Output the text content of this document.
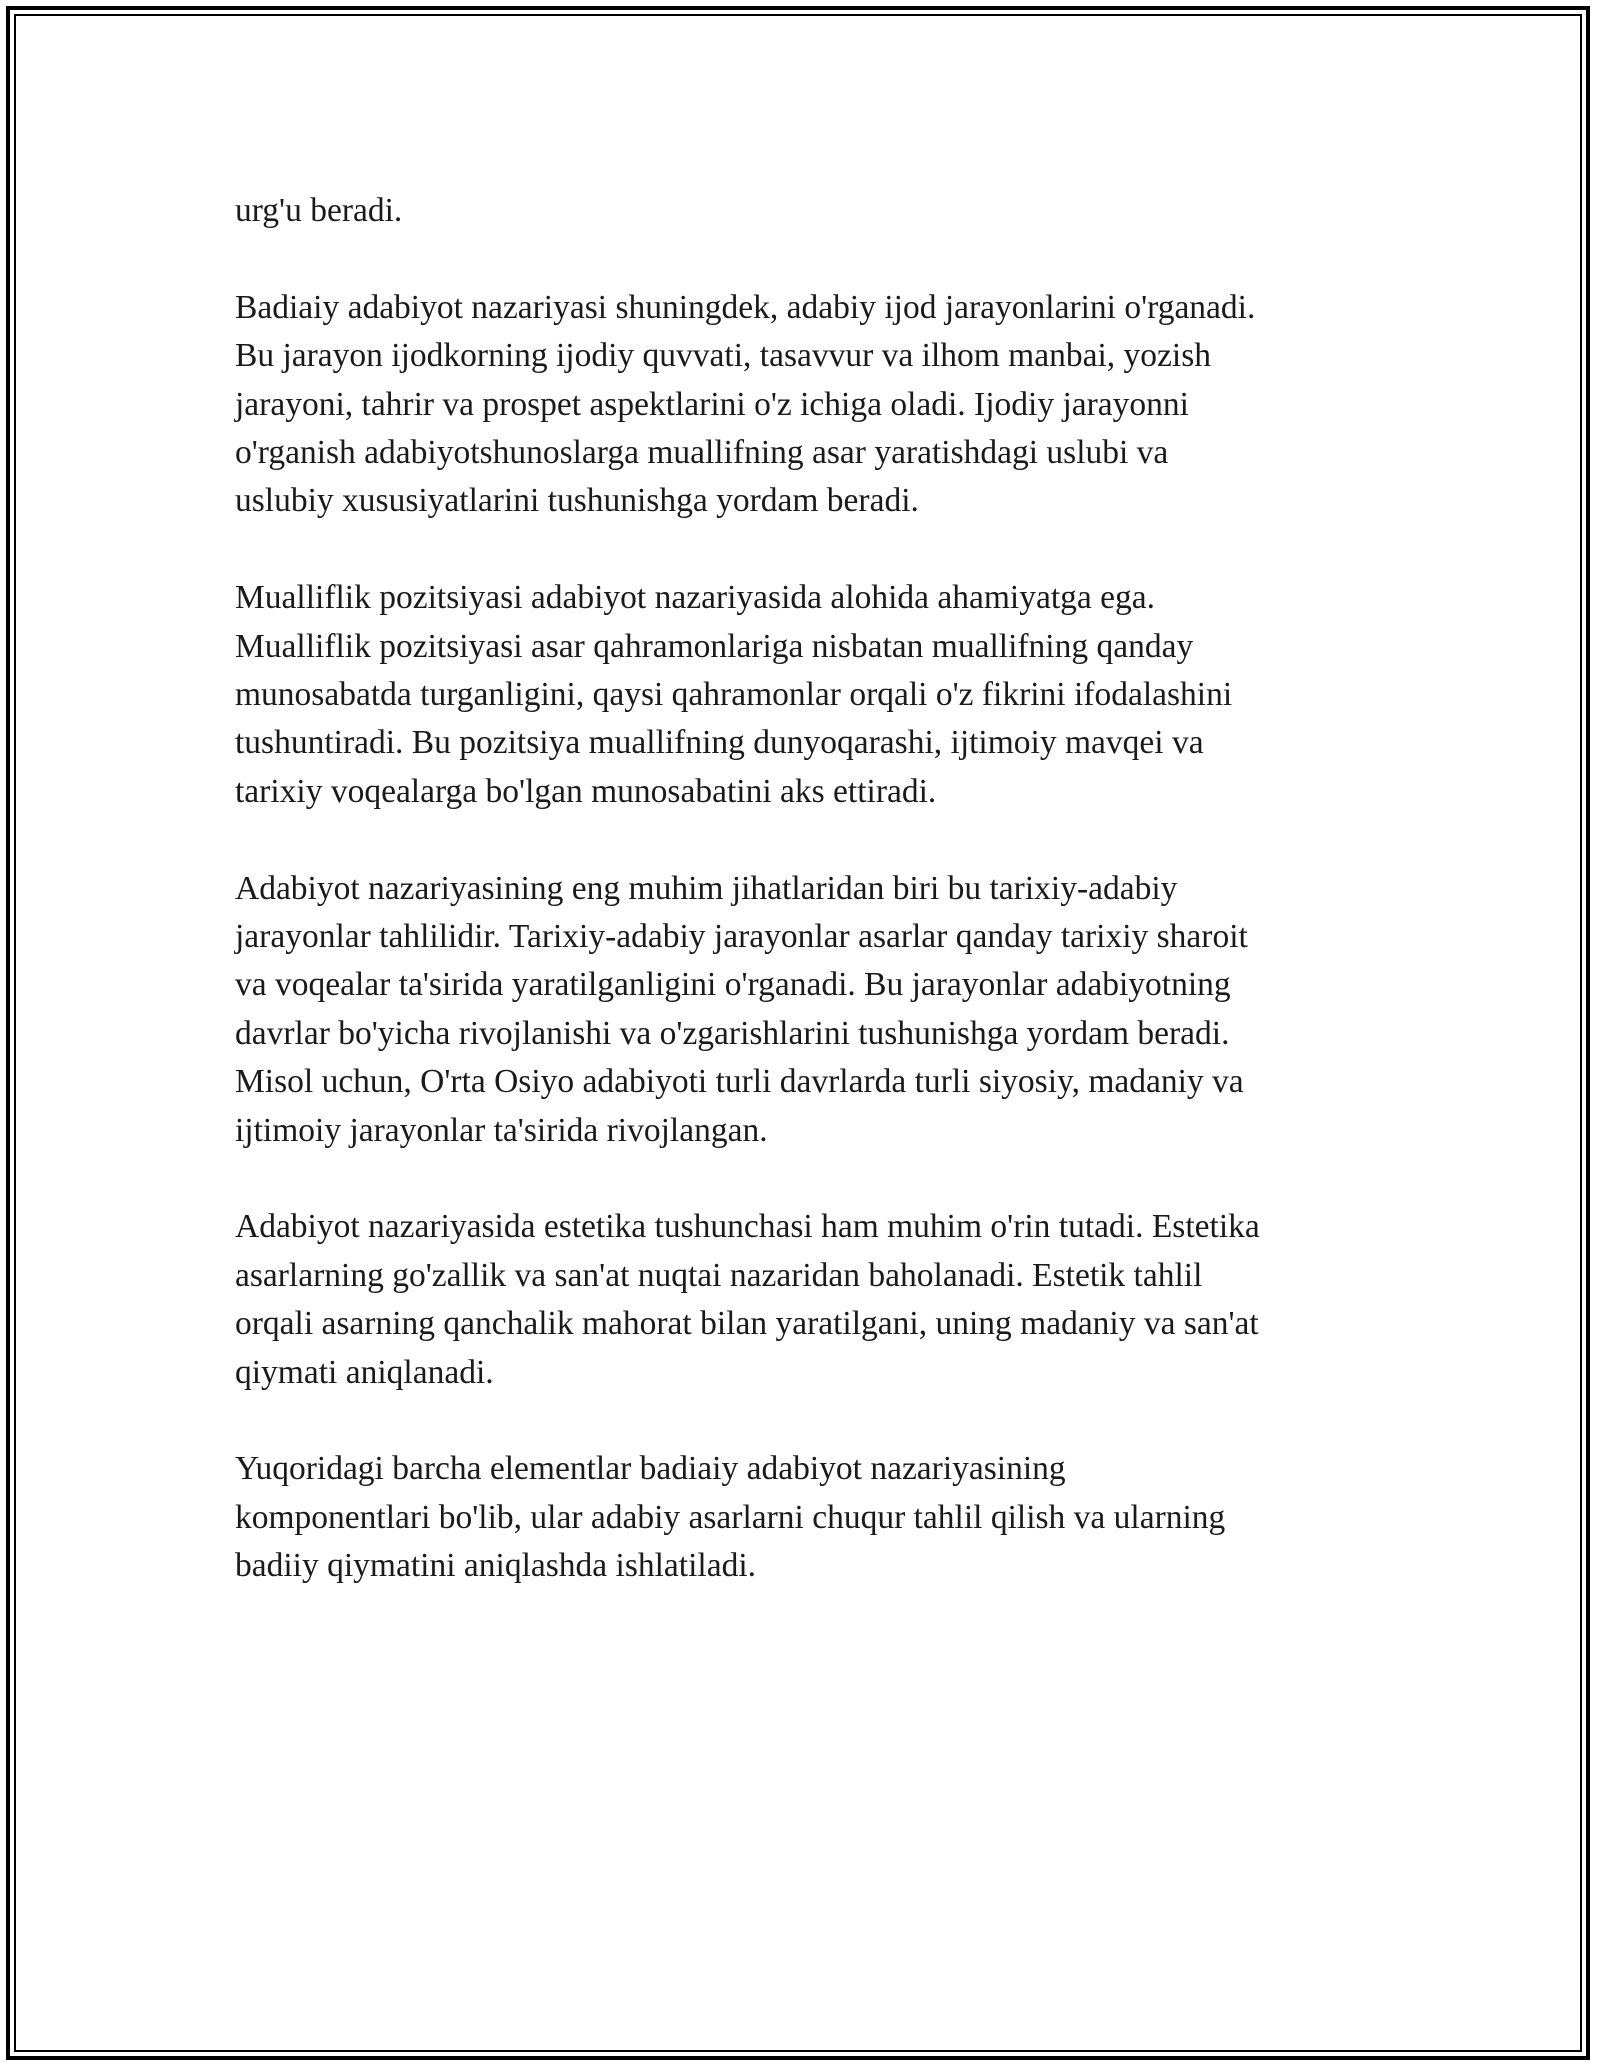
urg'u beradi.

Badiaiy adabiyot nazariyasi shuningdek, adabiy ijod jarayonlarini o'rganadi.
Bu jarayon ijodkorning ijodiy quvvati, tasavvur va ilhom manbai, yozish
jarayoni, tahrir va prospet aspektlarini o'z ichiga oladi. Ijodiy jarayonni
o'rganish adabiyotshunoslarga muallifning asar yaratishdagi uslubi va
uslubiy xususiyatlarini tushunishga yordam beradi.

Mualliflik pozitsiyasi adabiyot nazariyasida alohida ahamiyatga ega.
Mualliflik pozitsiyasi asar qahramonlariga nisbatan muallifning qanday
munosabatda turganligini, qaysi qahramonlar orqali o'z fikrini ifodalashini
tushuntiradi. Bu pozitsiya muallifning dunyoqarashi, ijtimoiy mavqei va
tarixiy voqealarga bo'lgan munosabatini aks ettiradi.

Adabiyot nazariyasining eng muhim jihatlaridan biri bu tarixiy-adabiy
jarayonlar tahlilidir. Tarixiy-adabiy jarayonlar asarlar qanday tarixiy sharoit
va voqealar ta'sirida yaratilganligini o'rganadi. Bu jarayonlar adabiyotning
davrlar bo'yicha rivojlanishi va o'zgarishlarini tushunishga yordam beradi.
Misol uchun, O'rta Osiyo adabiyoti turli davrlarda turli siyosiy, madaniy va
ijtimoiy jarayonlar ta'sirida rivojlangan.

Adabiyot nazariyasida estetika tushunchasi ham muhim o'rin tutadi. Estetika
asarlarning go'zallik va san'at nuqtai nazaridan baholanadi. Estetik tahlil
orqali asarning qanchalik mahorat bilan yaratilgani, uning madaniy va san'at
qiymati aniqlanadi.

Yuqoridagi barcha elementlar badiaiy adabiyot nazariyasining
komponentlari bo'lib, ular adabiy asarlarni chuqur tahlil qilish va ularning
badiiy qiymatini aniqlashda ishlatiladi.
